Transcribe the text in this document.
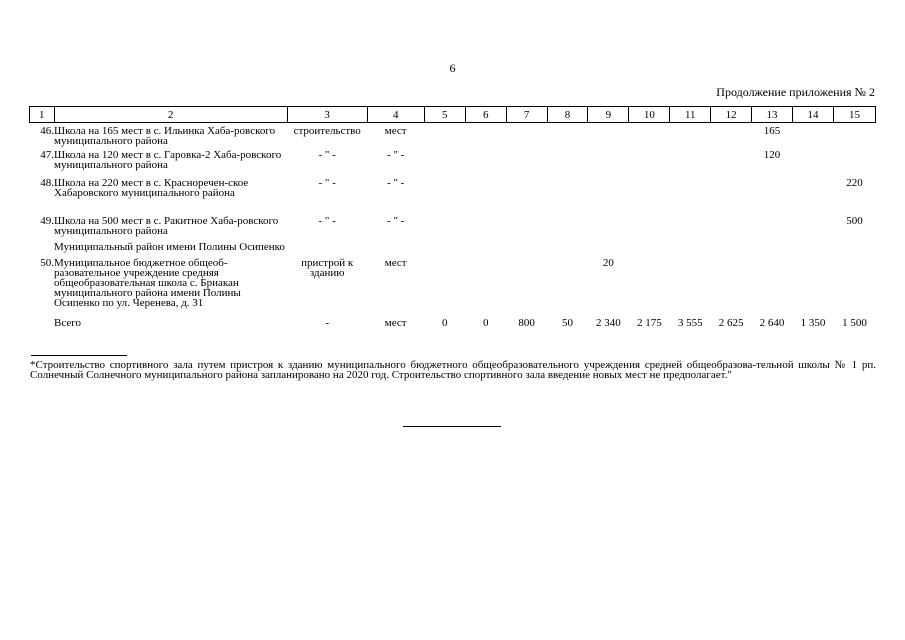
6
Продолжение приложения № 2
1	2	3	4	5	6	7	8	9	10	11	12	13	14	15
46.	Школа на 165 мест в с. Ильинка Хаба-ровского муниципального района	строительство	мест									165		
47.	Школа на 120 мест в с. Гаровка-2 Хаба-ровского муниципального района	- " -	- " -									120		
48.	Школа на 220 мест в с. Красноречен-ское Хабаровского муниципального района	- " -	- " -											220
49.	Школа на 500 мест в с. Ракитное Хаба-ровского муниципального района	- " -	- " -											500
	Муниципальный район имени Полины Осипенко													
50.	Муниципальное бюджетное общеоб-разовательное учреждение средняя общеобразовательная школа с. Бриакан муниципального района имени Полины Осипенко по ул. Черенева, д. 31	пристрой к зданию	мест					20						
	Всего	-	мест	0	0	800	50	2 340	2 175	3 555	2 625	2 640	1 350	1 500
*Строительство спортивного зала путем пристроя к зданию муниципального бюджетного общеобразовательного учреждения средней общеобразова-тельной школы № 1 рп. Солнечный Солнечного муниципального района запланировано на 2020 год. Строительство спортивного зала введение новых мест не предполагает."
